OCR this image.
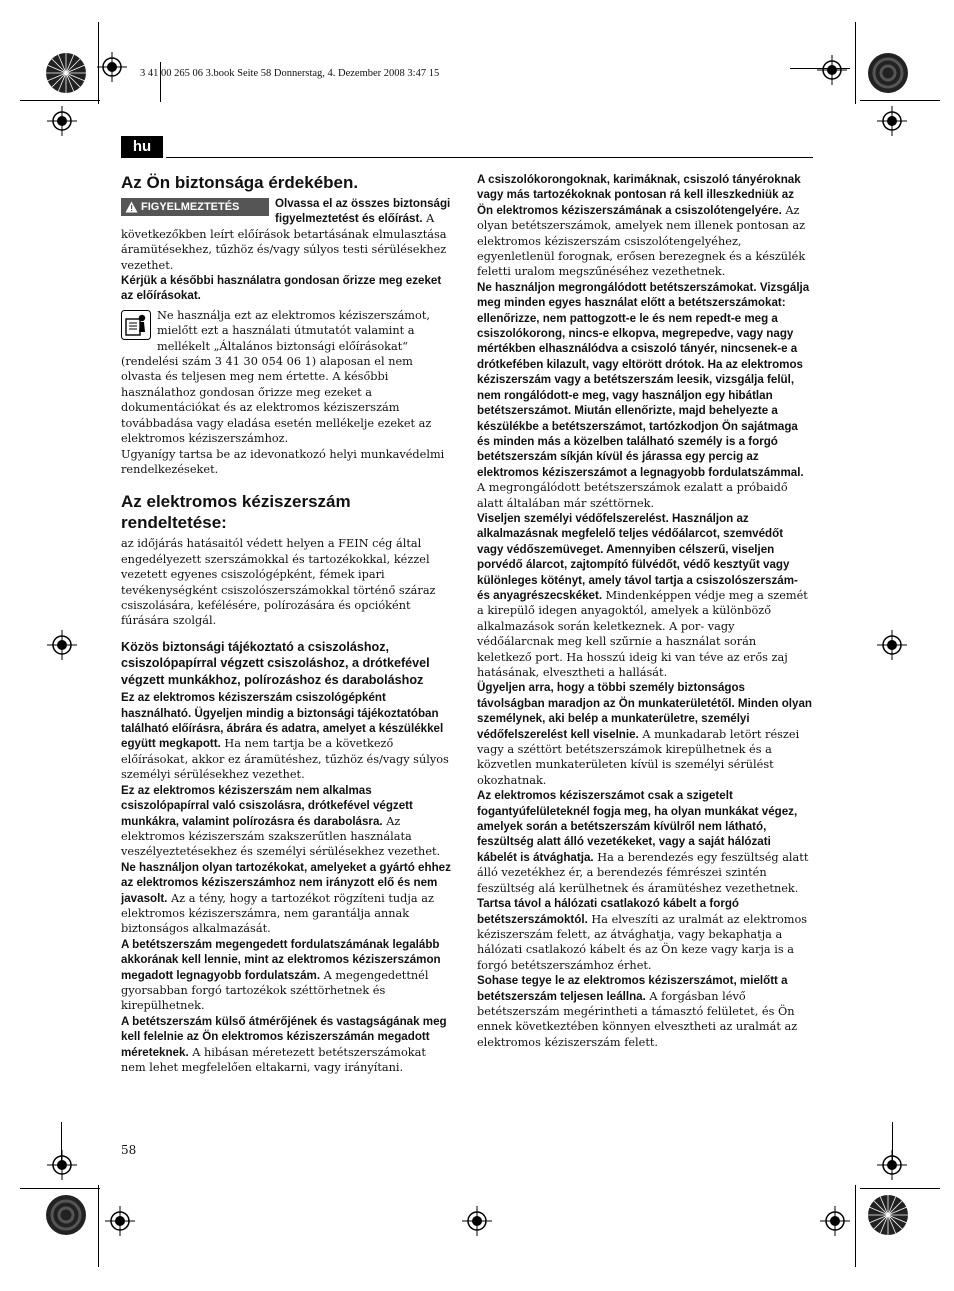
3 41 00 265 06 3.book Seite 58 Donnerstag, 4. Dezember 2008 3:47 15
hu
Az Ön biztonsága érdekében.

FIGYELMEZTETÉS	Olvassa el az összes biztonsági figyelmeztetést és előírást. A következőkben leírt előírások betartásának elmulasztása áramütésekhez, tűzhöz és/vagy súlyos testi sérülésekhez vezethet.

Kérjük a későbbi használatra gondosan őrizze meg ezeket az előírásokat.

Ne használja ezt az elektromos kéziszerszámot, mielőtt ezt a használati útmutatót valamint a mellékelt „Általános biztonsági előírásokat“ (rendelési szám 3 41 30 054 06 1) alaposan el nem olvasta és teljesen meg nem értette. A későbbi használathoz gondosan őrizze meg ezeket a dokumentációkat és az elektromos kéziszerszám továbbadása vagy eladása esetén mellékelje ezeket az elektromos kéziszerszámhoz.

Ugyanígy tartsa be az idevonatkozó helyi munkavédelmi rendelkezéseket.

Az elektromos kéziszerszám rendeltetése:

az időjárás hatásaitól védett helyen a FEIN cég által engedélyezett szerszámokkal és tartozékokkal, kézzel vezetett egyenes csiszológépként, fémek ipari tevékenységként csiszolószerszámokkal történő száraz csiszolására, kefélésére, polírozására és opcióként fúrására szolgál.

Közös biztonsági tájékoztató a csiszoláshoz, csiszolópapírral végzett csiszoláshoz, a drótkefével végzett munkákhoz, polírozáshoz és daraboláshoz

Ez az elektromos kéziszerszám csiszológépként használható. Ügyeljen mindig a biztonsági tájékoztatóban található előírásra, ábrára és adatra, amelyet a készülékkel együtt megkapott. Ha nem tartja be a következő előírásokat, akkor ez áramütéshez, tűzhöz és/vagy súlyos személyi sérülésekhez vezethet.

Ez az elektromos kéziszerszám nem alkalmas csiszolópapírral való csiszolásra, drótkefével végzett munkákra, valamint polírozásra és darabolásra. Az elektromos kéziszerszám szakszerűtlen használata veszélyeztetésekhez és személyi sérülésekhez vezethet.

Ne használjon olyan tartozékokat, amelyeket a gyártó ehhez az elektromos kéziszerszámhoz nem irányzott elő és nem javasolt. Az a tény, hogy a tartozékot rögzíteni tudja az elektromos kéziszerszámra, nem garantálja annak biztonságos alkalmazását.

A betétszerszám megengedett fordulatszámának legalább akkorának kell lennie, mint az elektromos kéziszerszámon megadott legnagyobb fordulatszám. A megengedettnél gyorsabban forgó tartozékok széttörhetnek és kirepülhetnek.

A betétszerszám külső átmérőjének és vastagságának meg kell felelnie az Ön elektromos kéziszerszámán megadott méreteknek. A hibásan méretezett betétszerszámokat nem lehet megfelelően eltakarni, vagy irányítani.

A csiszolókorongoknak, karimáknak, csiszoló tányéroknak vagy más tartozékoknak pontosan rá kell illeszkedniük az Ön elektromos kéziszerszámának a csiszolótengelyére. Az olyan betétszerszámok, amelyek nem illenek pontosan az elektromos kéziszerszám csiszolótengelyéhez, egyenletlenül forognak, erősen berezegnek és a készülék feletti uralom megszűnéséhez vezethetnek.

Ne használjon megrongálódott betétszerszámokat. Vizsgálja meg minden egyes használat előtt a betétszerszámokat: ellenőrizze, nem pattogzott-e le és nem repedt-e meg a csiszolókorong, nincs-e elkopva, megrepedve, vagy nagy mértékben elhasználódva a csiszoló tányér, nincsenek-e a drótkefében kilazult, vagy eltörött drótok. Ha az elektromos kéziszerszám vagy a betétszerszám leesik, vizsgálja felül, nem rongálódott-e meg, vagy használjon egy hibátlan betétszerszámot. Miután ellenőrizte, majd behelyezte a készülékbe a betétszerszámot, tartózkodjon Ön sajátmaga és minden más a közelben található személy is a forgó betétszerszám síkján kívül és járassa egy percig az elektromos kéziszerszámot a legnagyobb fordulatszámmal. A megrongálódott betétszerszámok ezalatt a próbaidő alatt általában már széttörnek.

Viseljen személyi védőfelszerelést. Használjon az alkalmazásnak megfelelő teljes védőálarcot, szemvédőt vagy védőszemüveget. Amennyiben célszerű, viseljen porvédő álarcot, zajtompító fülvédőt, védő kesztyűt vagy különleges kötényt, amely távol tartja a csiszolószerszám- és anyagrészecskéket. Mindenképpen védje meg a szemét a kirepülő idegen anyagoktól, amelyek a különböző alkalmazások során keletkeznek. A por- vagy védőálarcnak meg kell szűrnie a használat során keletkező port. Ha hosszú ideig ki van téve az erős zaj hatásának, elvesztheti a hallását.

Ügyeljen arra, hogy a többi személy biztonságos távolságban maradjon az Ön munkaterületétől. Minden olyan személynek, aki belép a munkaterületre, személyi védőfelszerelést kell viselnie. A munkadarab letört részei vagy a széttört betétszerszámok kirepülhetnek és a közvetlen munkaterületen kívül is személyi sérülést okozhatnak.

Az elektromos kéziszerszámot csak a szigetelt fogantyúfelületeknél fogja meg, ha olyan munkákat végez, amelyek során a betétszerszám kívülről nem látható, feszültség alatt álló vezetékeket, vagy a saját hálózati kábelét is átvághatja. Ha a berendezés egy feszültség alatt álló vezetékhez ér, a berendezés fémrészei szintén feszültség alá kerülhetnek és áramütéshez vezethetnek.

Tartsa távol a hálózati csatlakozó kábelt a forgó betétszerszámoktól. Ha elveszíti az uralmát az elektromos kéziszerszám felett, az átvághatja, vagy bekaphatja a hálózati csatlakozó kábelt és az Ön keze vagy karja is a forgó betétszerszámhoz érhet.

Sohase tegye le az elektromos kéziszerszámot, mielőtt a betétszerszám teljesen leállna. A forgásban lévő betétszerszám megérintheti a támasztó felületet, és Ön ennek következtében könnyen elvesztheti az uralmát az elektromos kéziszerszám felett.

58
